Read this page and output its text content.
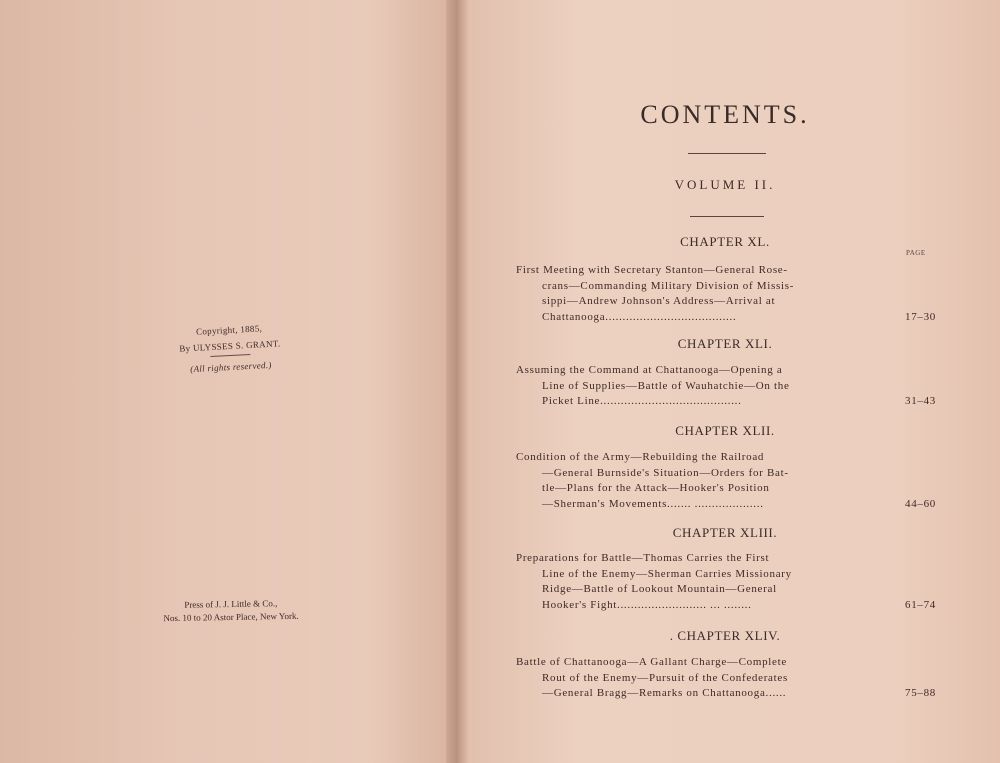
Copyright, 1885,
By ULYSSES S. GRANT.
(All rights reserved.)
Press of J. J. Little & Co.,
Nos. 10 to 20 Astor Place, New York.
CONTENTS.
VOLUME II.
PAGE
CHAPTER XL.
First Meeting with Secretary Stanton—General Rose-
crans—Commanding Military Division of Missis-
sippi—Andrew Johnson's Address—Arrival at
Chattanooga......................................	17–30
CHAPTER XLI.
Assuming the Command at Chattanooga—Opening a
Line of Supplies—Battle of Wauhatchie—On the
Picket Line.........................................	31–43
CHAPTER XLII.
Condition of the Army—Rebuilding the Railroad
—General Burnside's Situation—Orders for Bat-
tle—Plans for the Attack—Hooker's Position
—Sherman's Movements....... ....................	44–60
CHAPTER XLIII.
Preparations for Battle—Thomas Carries the First
Line of the Enemy—Sherman Carries Missionary
Ridge—Battle of Lookout Mountain—General
Hooker's Fight.......................... ... ........	61–74
. CHAPTER XLIV.
Battle of Chattanooga—A Gallant Charge—Complete
Rout of the Enemy—Pursuit of the Confederates
—General Bragg—Remarks on Chattanooga......	75–88
